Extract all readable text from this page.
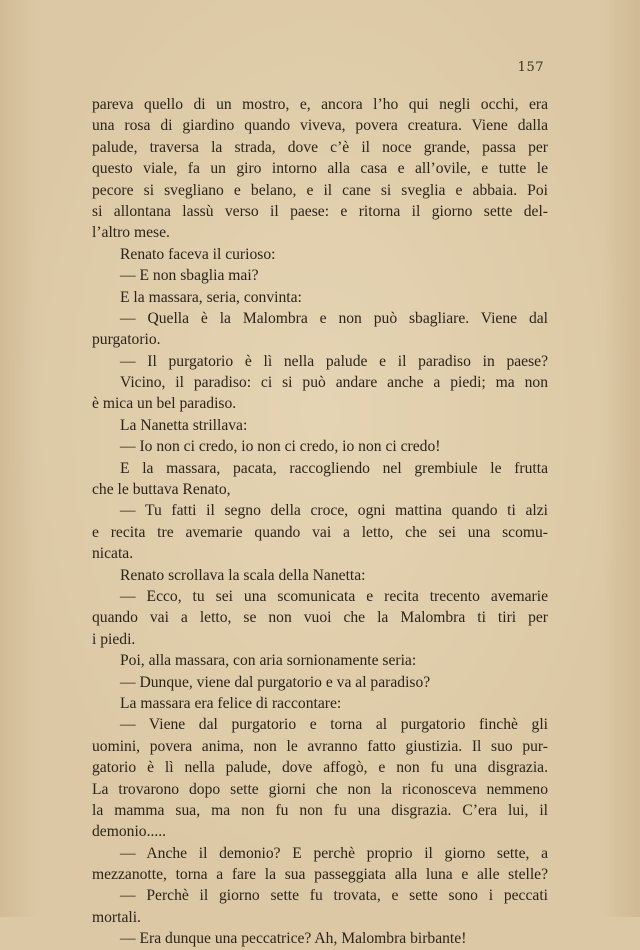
157
pareva quello di un mostro, e, ancora l’ho qui negli occhi, era
una rosa di giardino quando viveva, povera creatura. Viene dalla
palude, traversa la strada, dove c’è il noce grande, passa per
questo viale, fa un giro intorno alla casa e all’ovile, e tutte le
pecore si svegliano e belano, e il cane si sveglia e abbaia. Poi
si allontana lassù verso il paese: e ritorna il giorno sette del-
l’altro mese.
Renato faceva il curioso:
— E non sbaglia mai?
E la massara, seria, convinta:
— Quella è la Malombra e non può sbagliare. Viene dal
purgatorio.
— Il purgatorio è lì nella palude e il paradiso in paese?
Vicino, il paradiso: ci si può andare anche a piedi; ma non
è mica un bel paradiso.
La Nanetta strillava:
— Io non ci credo, io non ci credo, io non ci credo!
E la massara, pacata, raccogliendo nel grembiule le frutta
che le buttava Renato,
— Tu fatti il segno della croce, ogni mattina quando ti alzi
e recita tre avemarie quando vai a letto, che sei una scomu-
nicata.
Renato scrollava la scala della Nanetta:
— Ecco, tu sei una scomunicata e recita trecento avemarie
quando vai a letto, se non vuoi che la Malombra ti tiri per
i piedi.
Poi, alla massara, con aria sornionamente seria:
— Dunque, viene dal purgatorio e va al paradiso?
La massara era felice di raccontare:
— Viene dal purgatorio e torna al purgatorio finchè gli
uomini, povera anima, non le avranno fatto giustizia. Il suo pur-
gatorio è lì nella palude, dove affogò, e non fu una disgrazia.
La trovarono dopo sette giorni che non la riconosceva nemmeno
la mamma sua, ma non fu non fu una disgrazia. C’era lui, il
demonio.....
— Anche il demonio? E perchè proprio il giorno sette, a
mezzanotte, torna a fare la sua passeggiata alla luna e alle stelle?
— Perchè il giorno sette fu trovata, e sette sono i peccati
mortali.
— Era dunque una peccatrice? Ah, Malombra birbante!
